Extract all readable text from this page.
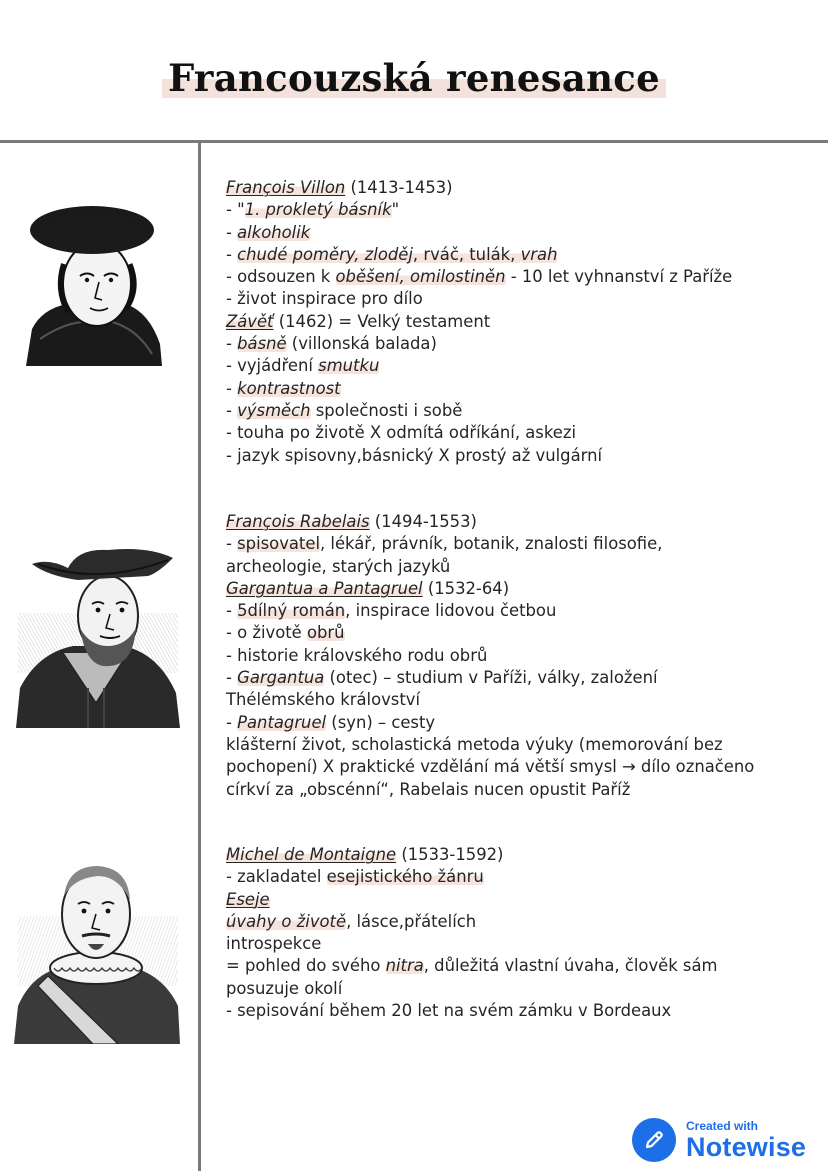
Francouzská renesance
François Villon (1413-1453)
- "1. prokletý básník"
- alkoholik
- chudé poměry, zloděj, rváč, tulák, vrah
- odsouzen k oběšení, omilostiněn - 10 let vyhnanství z Paříže
- život inspirace pro dílo
Závěť (1462) = Velký testament
- básně (villonská balada)
- vyjádření smutku
- kontrastnost
- výsměch společnosti i sobě
- touha po životě X odmítá odříkání, askezi
- jazyk spisovny,básnický X prostý až vulgární
François Rabelais (1494-1553)
- spisovatel, lékář, právník, botanik, znalosti filosofie,
archeologie, starých jazyků
Gargantua a Pantagruel (1532-64)
- 5dílný román, inspirace lidovou četbou
- o životě obrů
- historie královského rodu obrů
- Gargantua (otec) – studium v Paříži, války, založení
Thélémského království
- Pantagruel (syn) – cesty
klášterní život, scholastická metoda výuky (memorování bez
pochopení) X praktické vzdělání má větší smysl → dílo označeno
církví za „obscénní“, Rabelais nucen opustit Paříž
Michel de Montaigne (1533-1592)
- zakladatel esejistického žánru
Eseje
úvahy o životě, lásce,přátelích
introspekce
= pohled do svého nitra, důležitá vlastní úvaha, člověk sám
posuzuje okolí
- sepisování během 20 let na svém zámku v Bordeaux
Created with
Notewise
